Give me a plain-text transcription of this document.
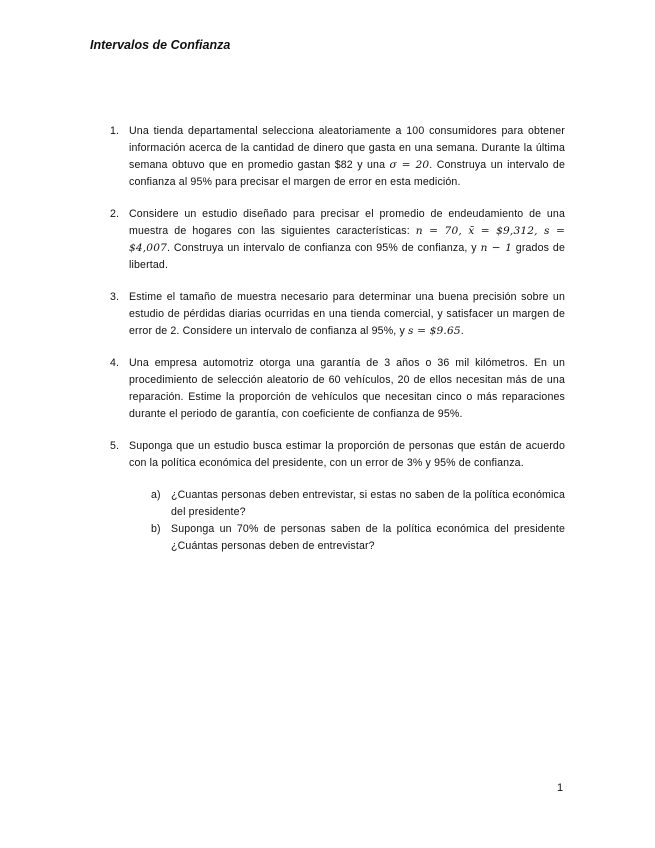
Intervalos de Confianza
1. Una tienda departamental selecciona aleatoriamente a 100 consumidores para obtener información acerca de la cantidad de dinero que gasta en una semana. Durante la última semana obtuvo que en promedio gastan $82 y una σ = 20. Construya un intervalo de confianza al 95% para precisar el margen de error en esta medición.
2. Considere un estudio diseñado para precisar el promedio de endeudamiento de una muestra de hogares con las siguientes características: n = 70, x̄ = $9,312, s = $4,007. Construya un intervalo de confianza con 95% de confianza, y n − 1 grados de libertad.
3. Estime el tamaño de muestra necesario para determinar una buena precisión sobre un estudio de pérdidas diarias ocurridas en una tienda comercial, y satisfacer un margen de error de 2. Considere un intervalo de confianza al 95%, y s = $9.65.
4. Una empresa automotriz otorga una garantía de 3 años o 36 mil kilómetros. En un procedimiento de selección aleatorio de 60 vehículos, 20 de ellos necesitan más de una reparación. Estime la proporción de vehículos que necesitan cinco o más reparaciones durante el periodo de garantía, con coeficiente de confianza de 95%.
5. Suponga que un estudio busca estimar la proporción de personas que están de acuerdo con la política económica del presidente, con un error de 3% y 95% de confianza.
a) ¿Cuantas personas deben entrevistar, si estas no saben de la política económica del presidente?
b) Suponga un 70% de personas saben de la política económica del presidente ¿Cuántas personas deben de entrevistar?
1
